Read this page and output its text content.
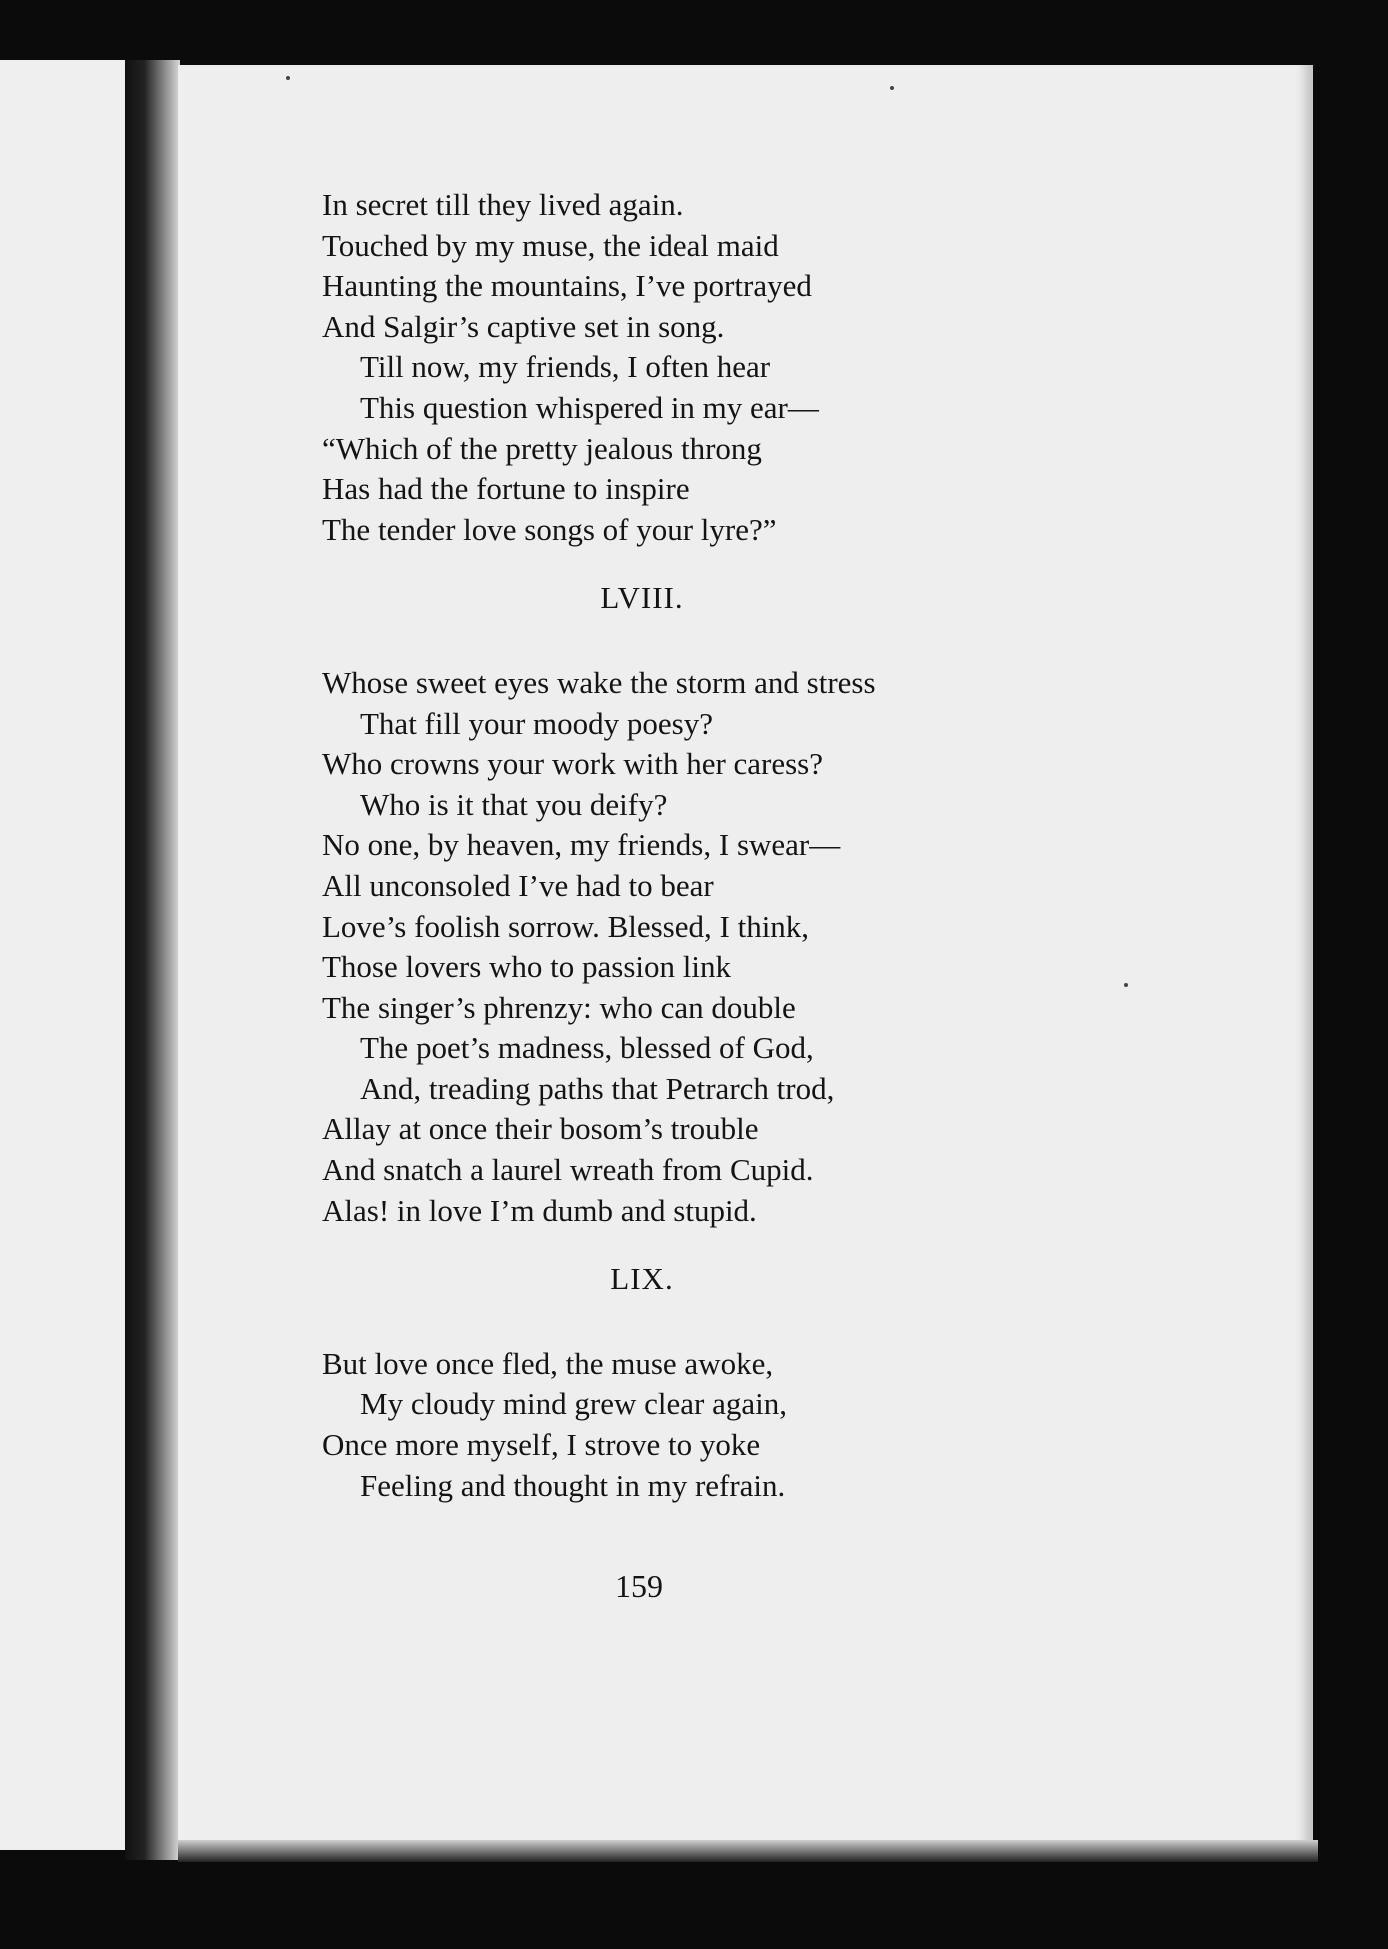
In secret till they lived again.
Touched by my muse, the ideal maid
Haunting the mountains, I’ve portrayed
And Salgir’s captive set in song.
Till now, my friends, I often hear
This question whispered in my ear—
“Which of the pretty jealous throng
Has had the fortune to inspire
The tender love songs of your lyre?”
LVIII.
Whose sweet eyes wake the storm and stress
That fill your moody poesy?
Who crowns your work with her caress?
Who is it that you deify?
No one, by heaven, my friends, I swear—
All unconsoled I’ve had to bear
Love’s foolish sorrow. Blessed, I think,
Those lovers who to passion link
The singer’s phrenzy: who can double
The poet’s madness, blessed of God,
And, treading paths that Petrarch trod,
Allay at once their bosom’s trouble
And snatch a laurel wreath from Cupid.
Alas! in love I’m dumb and stupid.
LIX.
But love once fled, the muse awoke,
My cloudy mind grew clear again,
Once more myself, I strove to yoke
Feeling and thought in my refrain.
159
